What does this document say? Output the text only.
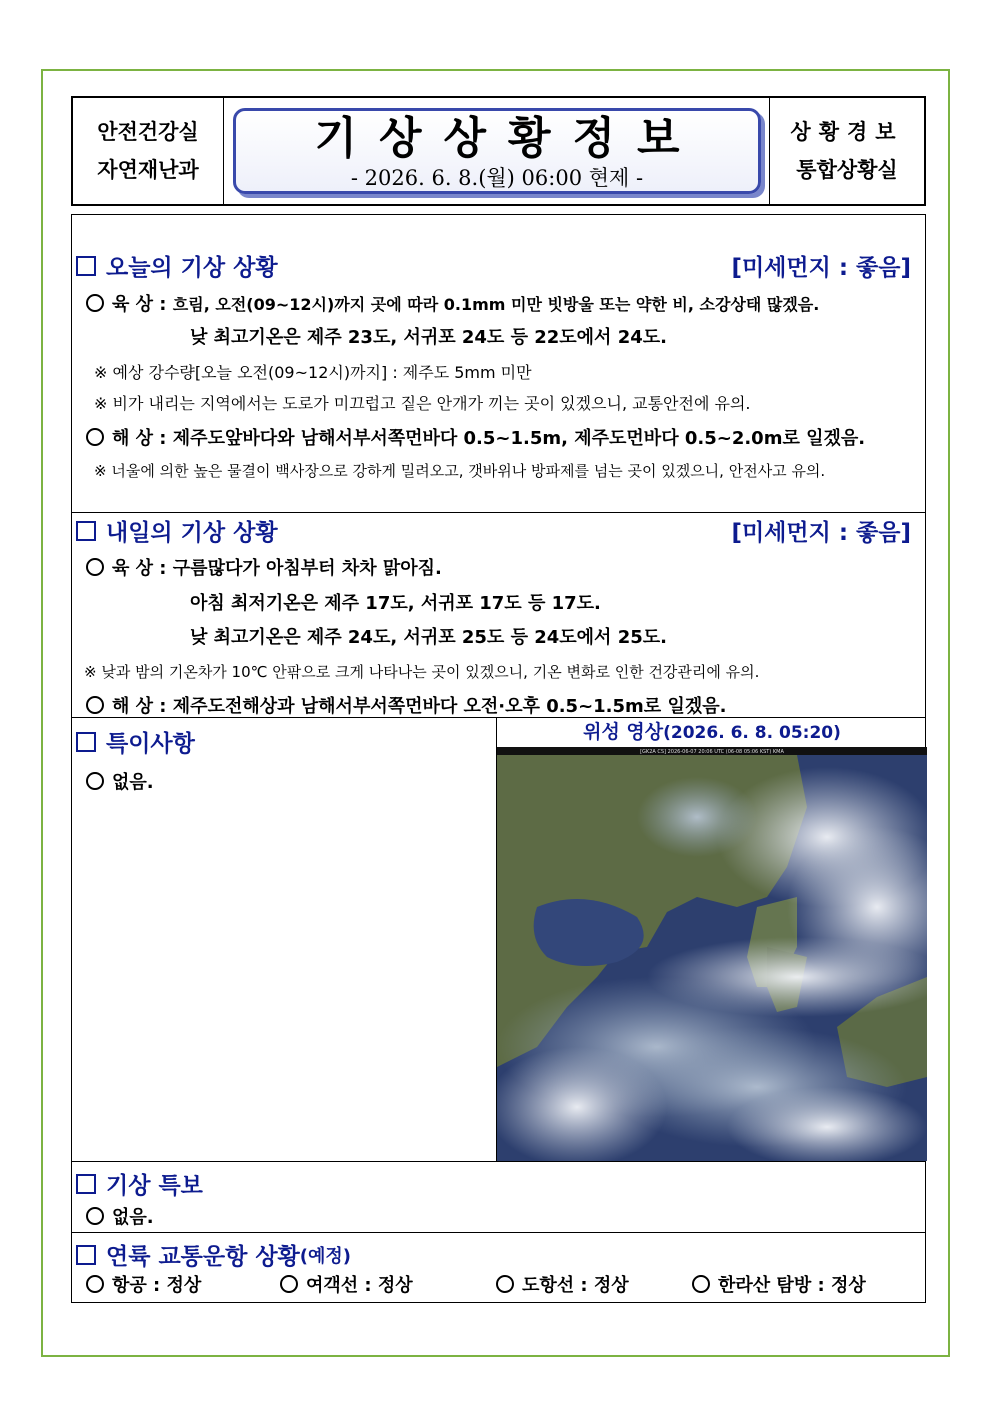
안전건강실
자연재난과
기상상황정보
- 2026. 6. 8.(월) 06:00 현제 -
상황경보
통합상황실
오늘의 기상 상황	[미세먼지 : 좋음]
육 상 : 흐림, 오전(09~12시)까지 곳에 따라 0.1mm 미만 빗방울 또는 약한 비, 소강상태 많겠음.
낮 최고기온은 제주 23도, 서귀포 24도 등 22도에서 24도.
※ 예상 강수량[오늘 오전(09~12시)까지] : 제주도 5mm 미만
※ 비가 내리는 지역에서는 도로가 미끄럽고 짙은 안개가 끼는 곳이 있겠으니, 교통안전에 유의.
해 상 : 제주도앞바다와 남해서부서쪽먼바다 0.5~1.5m, 제주도먼바다 0.5~2.0m로 일겠음.
※ 너울에 의한 높은 물결이 백사장으로 강하게 밀려오고, 갯바위나 방파제를 넘는 곳이 있겠으니, 안전사고 유의.
내일의 기상 상황	[미세먼지 : 좋음]
육 상 : 구름많다가 아침부터 차차 맑아짐.
아침 최저기온은 제주 17도, 서귀포 17도 등 17도.
낮 최고기온은 제주 24도, 서귀포 25도 등 24도에서 25도.
※ 낮과 밤의 기온차가 10℃ 안팎으로 크게 나타나는 곳이 있겠으니, 기온 변화로 인한 건강관리에 유의.
해 상 : 제주도전해상과 남해서부서쪽먼바다 오전·오후 0.5~1.5m로 일겠음.
특이사항
없음.
위성 영상(2026. 6. 8. 05:20)
[GK2A CS] 2026-06-07 20:06 UTC (06-08 05:06 KST) KMA
기상 특보
없음.
연륙 교통운항 상황 (예정)
항공 : 정상	여객선 : 정상	도항선 : 정상	한라산 탐방 : 정상
